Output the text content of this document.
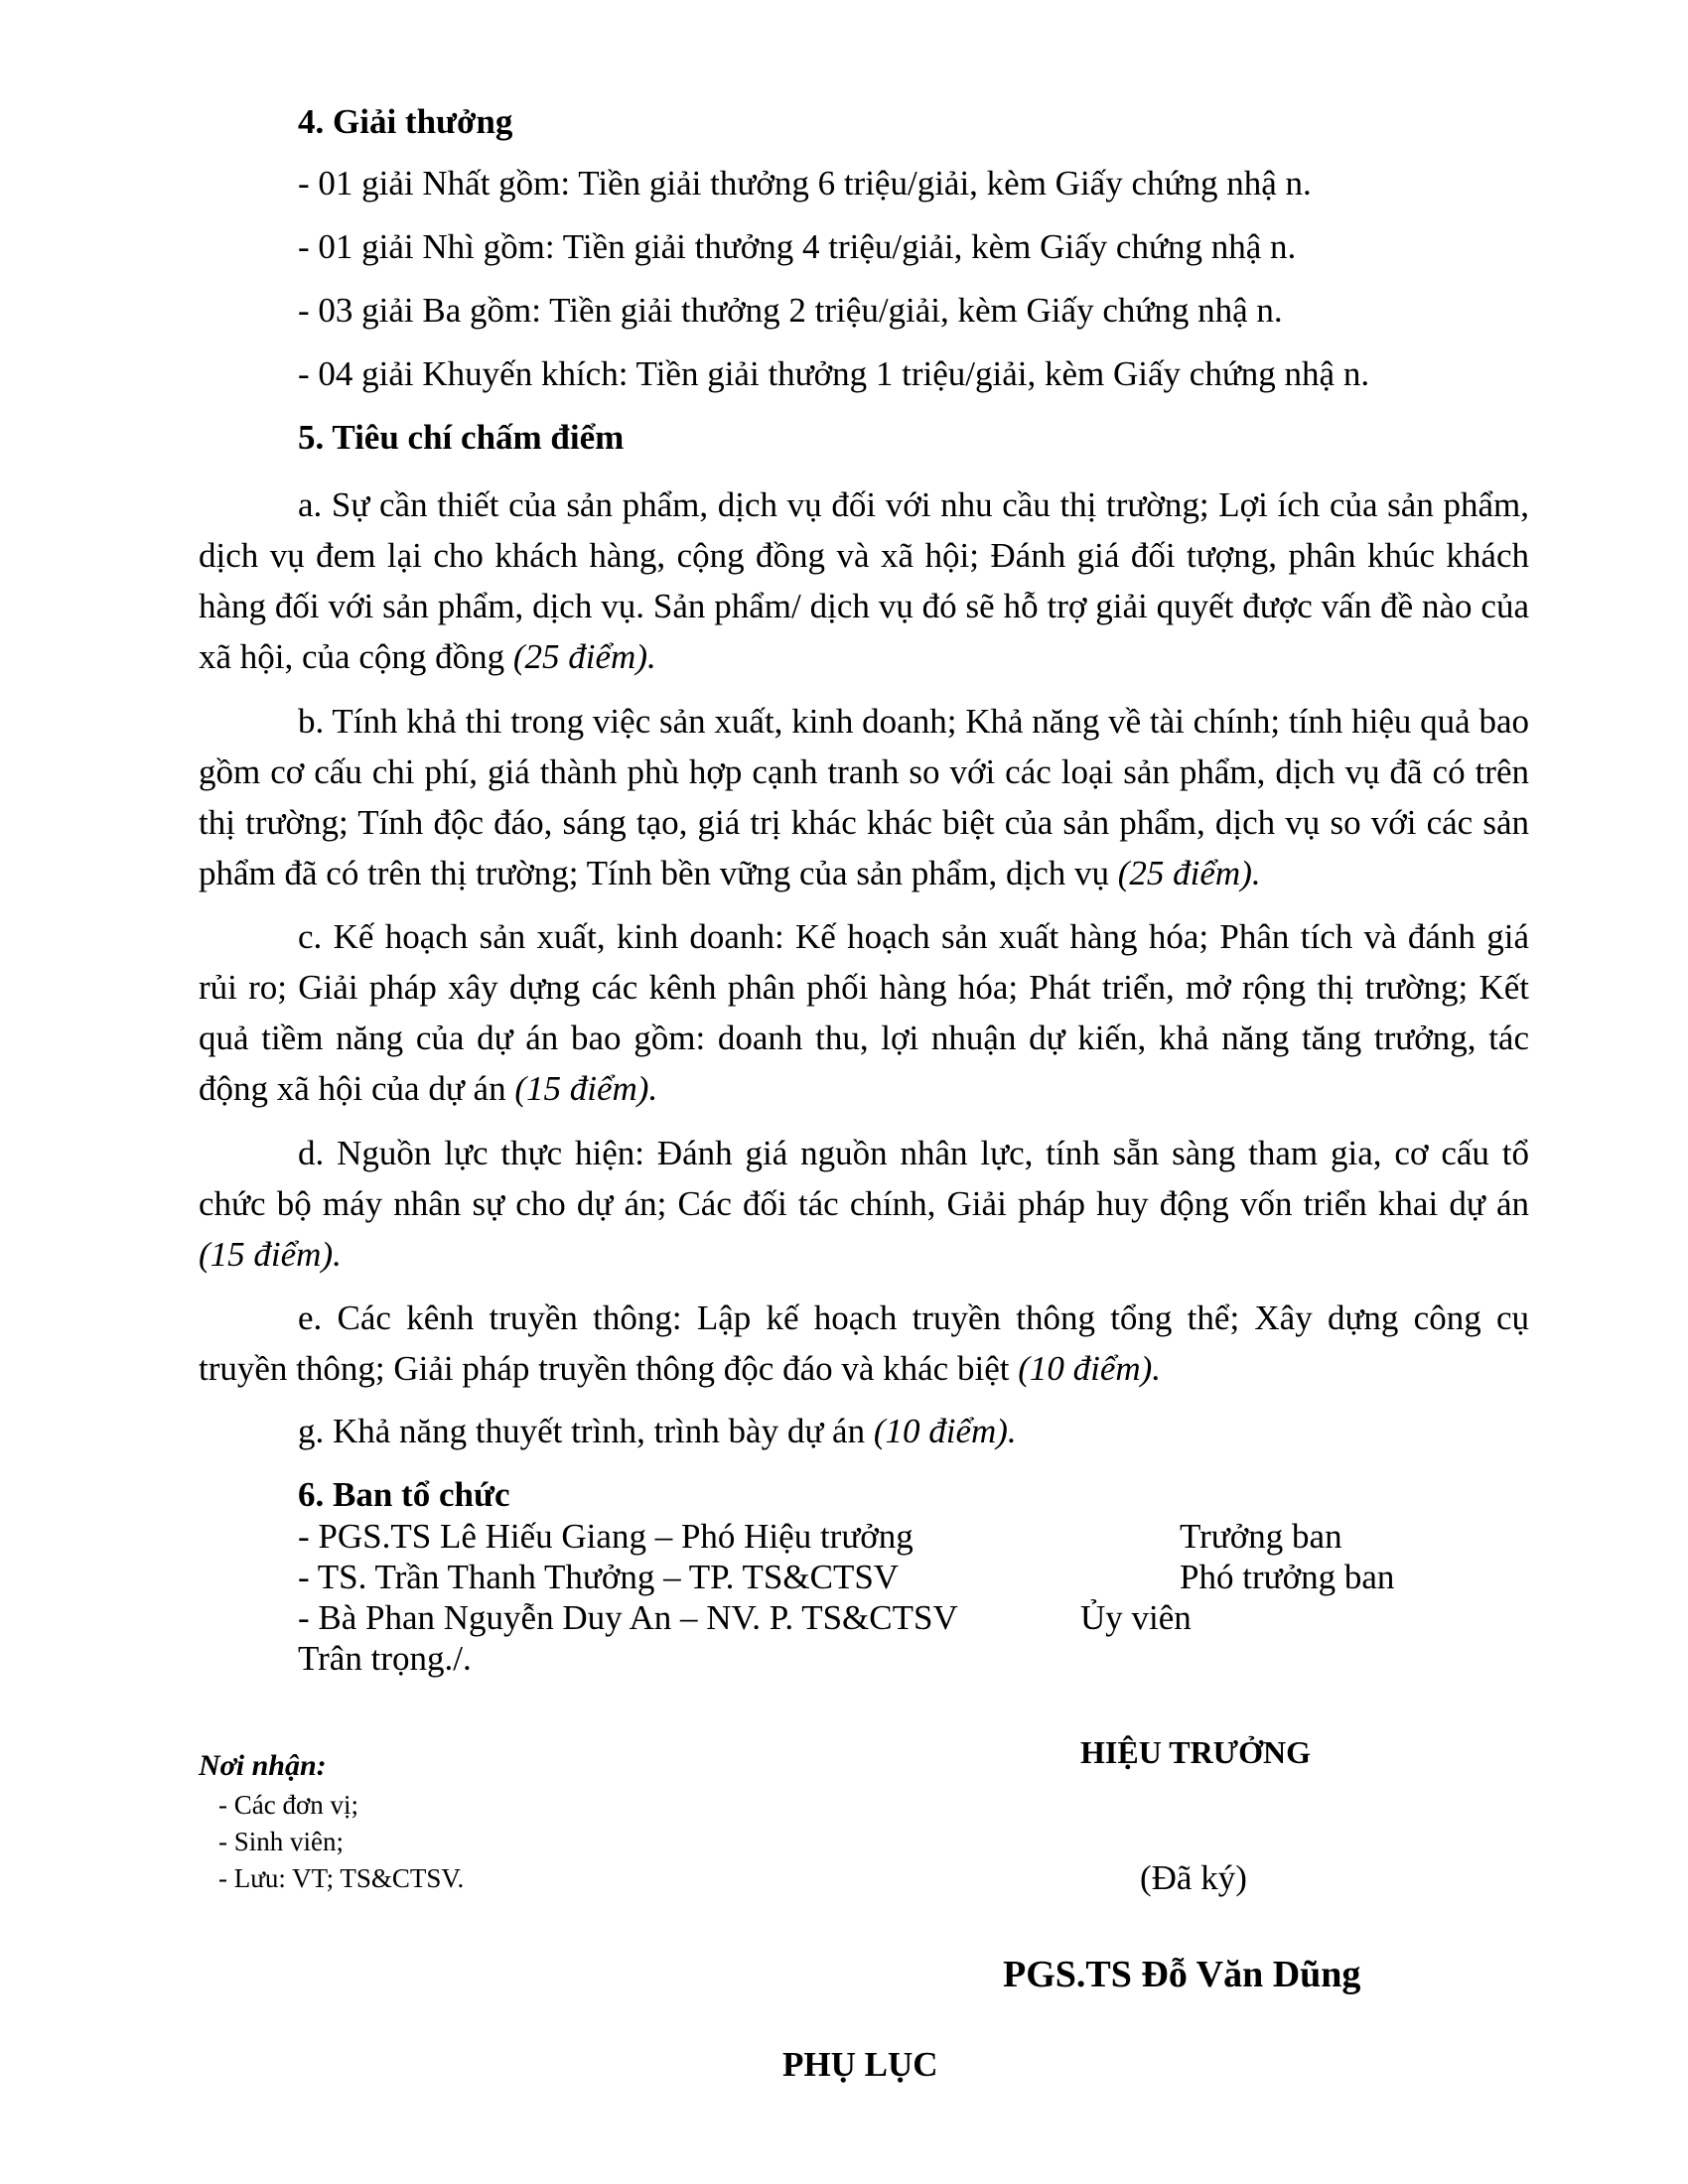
4. Giải thưởng
- 01 giải Nhất gồm: Tiền giải thưởng 6 triệu/giải, kèm Giấy chứng nhậ n.
- 01 giải Nhì gồm: Tiền giải thưởng 4 triệu/giải, kèm Giấy chứng nhậ n.
- 03 giải Ba gồm: Tiền giải thưởng 2 triệu/giải, kèm Giấy chứng nhậ n.
- 04 giải Khuyến khích: Tiền giải thưởng 1 triệu/giải, kèm Giấy chứng nhậ n.
5. Tiêu chí chấm điểm
a. Sự cần thiết của sản phẩm, dịch vụ đối với nhu cầu thị trường; Lợi ích của sản phẩm, dịch vụ đem lại cho khách hàng, cộng đồng và xã hội; Đánh giá đối tượng, phân khúc khách hàng đối với sản phẩm, dịch vụ. Sản phẩm/ dịch vụ đó sẽ hỗ trợ giải quyết được vấn đề nào của xã hội, của cộng đồng (25 điểm).
b. Tính khả thi trong việc sản xuất, kinh doanh; Khả năng về tài chính; tính hiệu quả bao gồm cơ cấu chi phí, giá thành phù hợp cạnh tranh so với các loại sản phẩm, dịch vụ đã có trên thị trường; Tính độc đáo, sáng tạo, giá trị khác khác biệt của sản phẩm, dịch vụ so với các sản phẩm đã có trên thị trường; Tính bền vững của sản phẩm, dịch vụ (25 điểm).
c. Kế hoạch sản xuất, kinh doanh: Kế hoạch sản xuất hàng hóa; Phân tích và đánh giá rủi ro; Giải pháp xây dựng các kênh phân phối hàng hóa; Phát triển, mở rộng thị trường; Kết quả tiềm năng của dự án bao gồm: doanh thu, lợi nhuận dự kiến, khả năng tăng trưởng, tác động xã hội của dự án (15 điểm).
d. Nguồn lực thực hiện: Đánh giá nguồn nhân lực, tính sẵn sàng tham gia, cơ cấu tổ chức bộ máy nhân sự cho dự án; Các đối tác chính, Giải pháp huy động vốn triển khai dự án (15 điểm).
e. Các kênh truyền thông: Lập kế hoạch truyền thông tổng thể; Xây dựng công cụ truyền thông; Giải pháp truyền thông độc đáo và khác biệt (10 điểm).
g. Khả năng thuyết trình, trình bày dự án (10 điểm).
6. Ban tổ chức
- PGS.TS Lê Hiếu Giang – Phó Hiệu trưởng	Trưởng ban
- TS. Trần Thanh Thưởng – TP. TS&CTSV	Phó trưởng ban
- Bà Phan Nguyễn Duy An – NV. P. TS&CTSV	Ủy viên
Trân trọng./.
Nơi nhận:
- Các đơn vị;
- Sinh viên;
- Lưu: VT; TS&CTSV.
HIỆU TRƯỞNG
(Đã ký)
PGS.TS Đỗ Văn Dũng
PHỤ LỤC
